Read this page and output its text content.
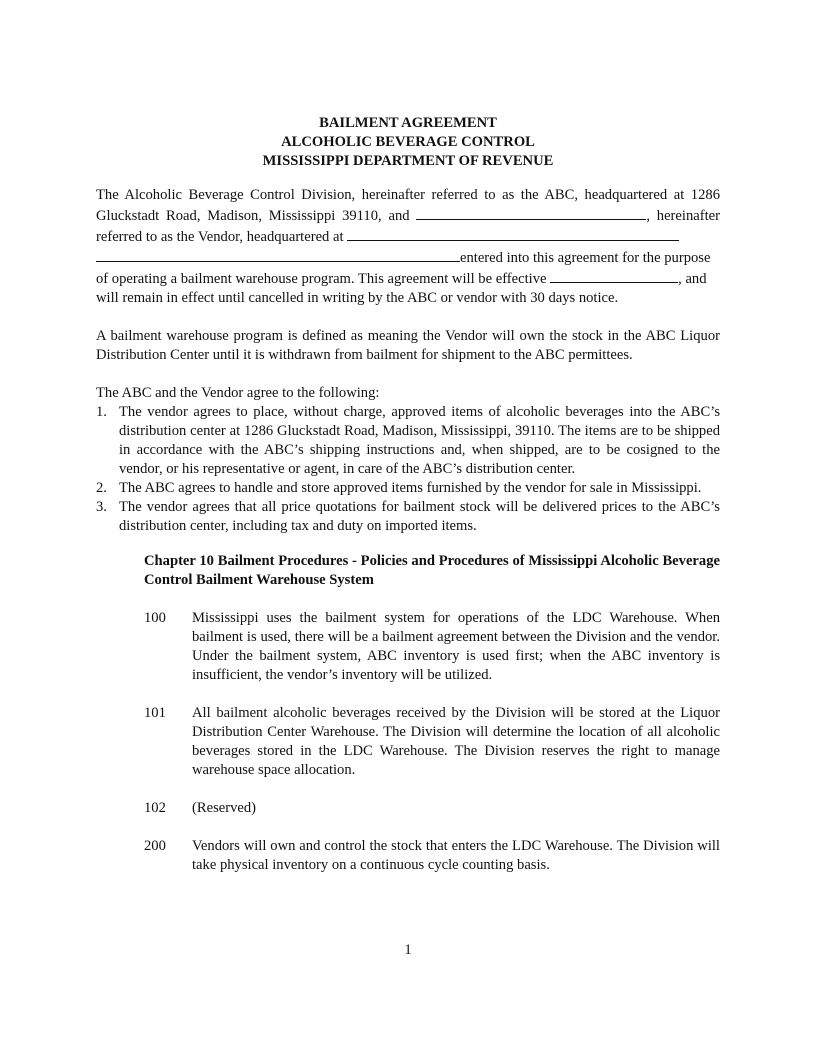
BAILMENT AGREEMENT
ALCOHOLIC BEVERAGE CONTROL
MISSISSIPPI DEPARTMENT OF REVENUE

The Alcoholic Beverage Control Division, hereinafter referred to as the ABC, headquartered at 1286 Gluckstadt Road, Madison, Mississippi 39110, and	, hereinafter referred to as the Vendor, headquartered at

entered into this agreement for the purpose of operating a bailment warehouse program. This agreement will be effective	, and will remain in effect until cancelled in writing by the ABC or vendor with 30 days notice.

A bailment warehouse program is defined as meaning the Vendor will own the stock in the ABC Liquor Distribution Center until it is withdrawn from bailment for shipment to the ABC permittees.

The ABC and the Vendor agree to the following:

1. The vendor agrees to place, without charge, approved items of alcoholic beverages into the ABC’s distribution center at 1286 Gluckstadt Road, Madison, Mississippi, 39110. The items are to be shipped in accordance with the ABC’s shipping instructions and, when shipped, are to be cosigned to the vendor, or his representative or agent, in care of the ABC’s distribution center.
2. The ABC agrees to handle and store approved items furnished by the vendor for sale in Mississippi.
3. The vendor agrees that all price quotations for bailment stock will be delivered prices to the ABC’s distribution center, including tax and duty on imported items.
Chapter 10 Bailment Procedures - Policies and Procedures of Mississippi Alcoholic Beverage Control Bailment Warehouse System
100	Mississippi uses the bailment system for operations of the LDC Warehouse. When bailment is used, there will be a bailment agreement between the Division and the vendor. Under the bailment system, ABC inventory is used first; when the ABC inventory is insufficient, the vendor’s inventory will be utilized.
101	All bailment alcoholic beverages received by the Division will be stored at the Liquor Distribution Center Warehouse. The Division will determine the location of all alcoholic beverages stored in the LDC Warehouse. The Division reserves the right to manage warehouse space allocation.
102	(Reserved)
200	Vendors will own and control the stock that enters the LDC Warehouse. The Division will take physical inventory on a continuous cycle counting basis.
1
